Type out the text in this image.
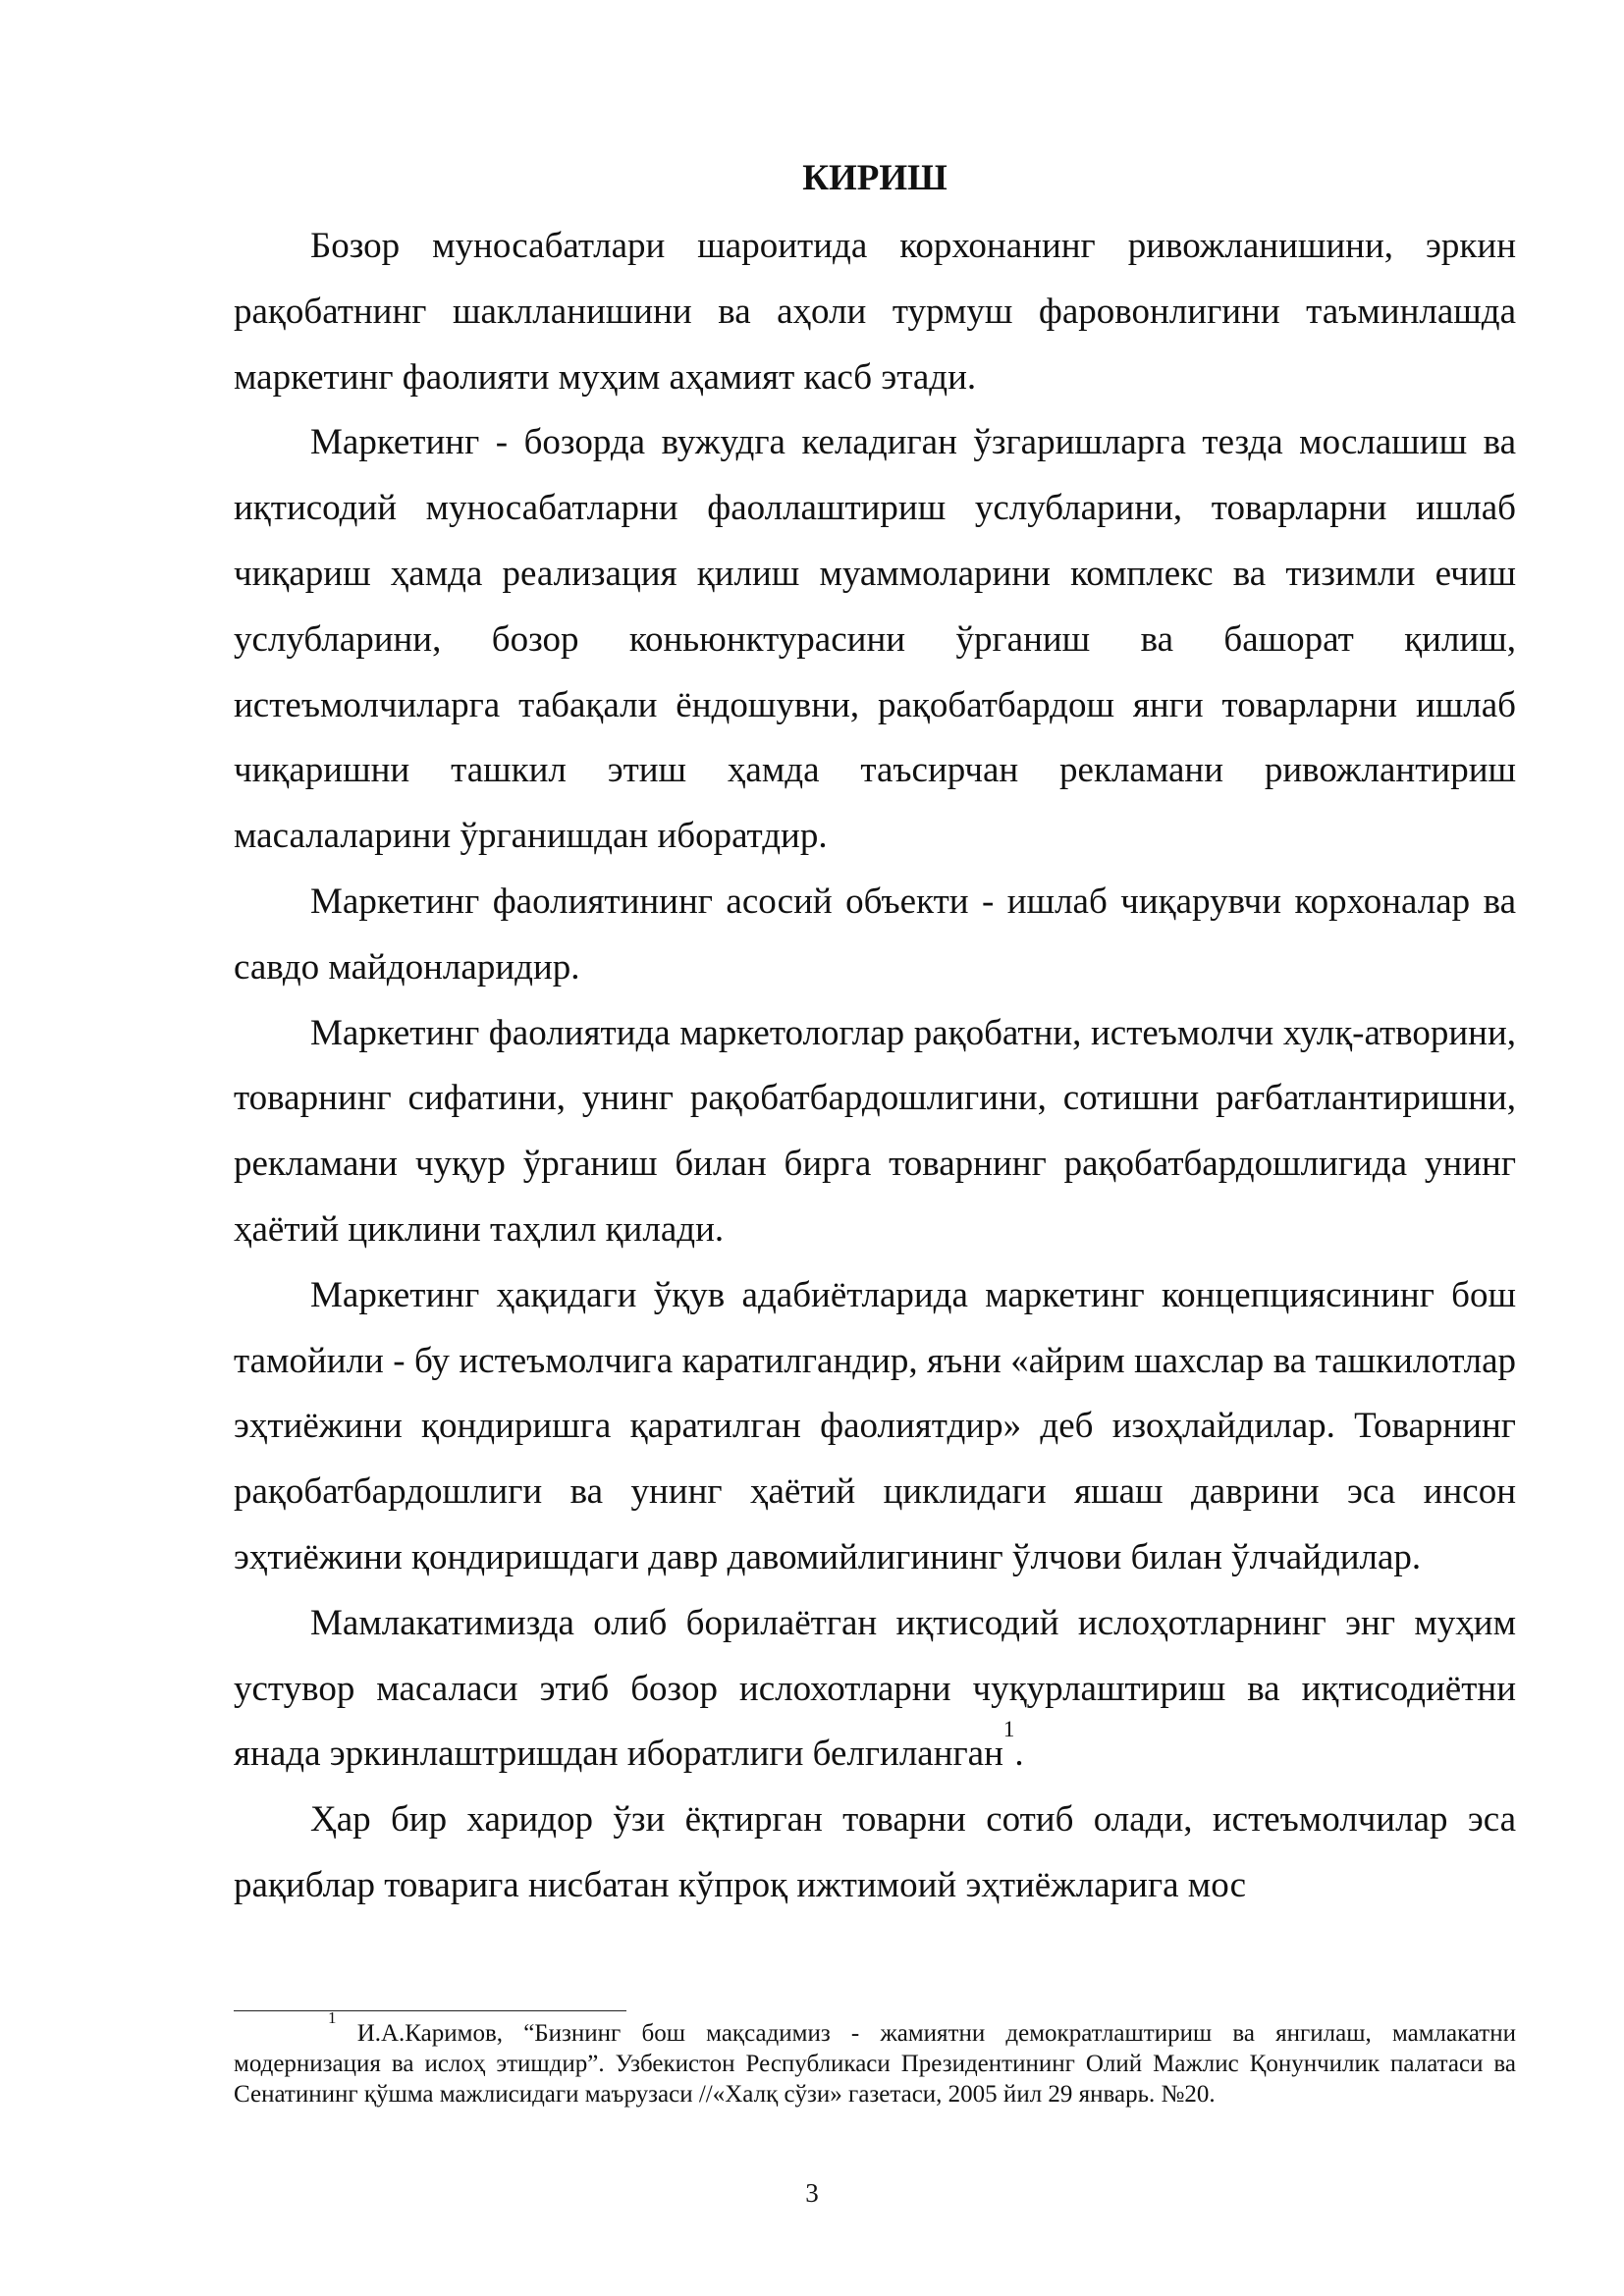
КИРИШ

Бозор муносабатлари шароитида корхонанинг ривожланишини, эркин рақобатнинг шаклланишини ва аҳоли турмуш фаровонлигини таъминлашда маркетинг фаолияти муҳим аҳамият касб этади.

Маркетинг - бозорда вужудга келадиган ўзгаришларга тезда мослашиш ва иқтисодий муносабатларни фаоллаштириш услубларини, товарларни ишлаб чиқариш ҳамда реализация қилиш муаммоларини комплекс ва тизимли ечиш услубларини, бозор коньюнктурасини ўрганиш ва башорат қилиш, истеъмолчиларга табақали ёндошувни, рақобатбардош янги товарларни ишлаб чиқаришни ташкил этиш ҳамда таъсирчан рекламани ривожлантириш масалаларини ўрганишдан иборатдир.

Маркетинг фаолиятининг асосий объекти - ишлаб чиқарувчи корхоналар ва савдо майдонларидир.

Маркетинг фаолиятида маркетологлар рақобатни, истеъмолчи хулқ-атворини, товарнинг сифатини, унинг рақобатбардошлигини, сотишни рағбатлантиришни, рекламани чуқур ўрганиш билан бирга товарнинг рақобатбардошлигида унинг ҳаётий циклини таҳлил қилади.

Маркетинг ҳақидаги ўқув адабиётларида маркетинг концепциясининг бош тамойили - бу истеъмолчига каратилгандир, яъни «айрим шахслар ва ташкилотлар эҳтиёжини қондиришга қаратилган фаолиятдир» деб изоҳлайдилар. Товарнинг рақобатбардошлиги ва унинг ҳаётий циклидаги яшаш даврини эса инсон эҳтиёжини қондиришдаги давр давомийлигининг ўлчови билан ўлчайдилар.

Мамлакатимизда олиб борилаётган иқтисодий ислоҳотларнинг энг муҳим устувор масаласи этиб бозор ислохотларни чуқурлаштириш ва иқтисодиётни янада эркинлаштришдан иборатлиги белгиланган$^1$.

Ҳар бир харидор ўзи ёқтирган товарни сотиб олади, истеъмолчилар эса рақиблар товарига нисбатан кўпроқ ижтимоий эҳтиёжларига мос

$^1$ И.А.Каримов, “Бизнинг бош мақсадимиз - жамиятни демократлаштириш ва янгилаш, мамлакатни модернизация ва ислоҳ этишдир”. Узбекистон Республикаси Президентининг Олий Мажлис Қонунчилик палатаси ва Сенатининг қўшма мажлисидаги маърузаси //«Халқ сўзи» газетаси, 2005 йил 29 январь. №20.

3
